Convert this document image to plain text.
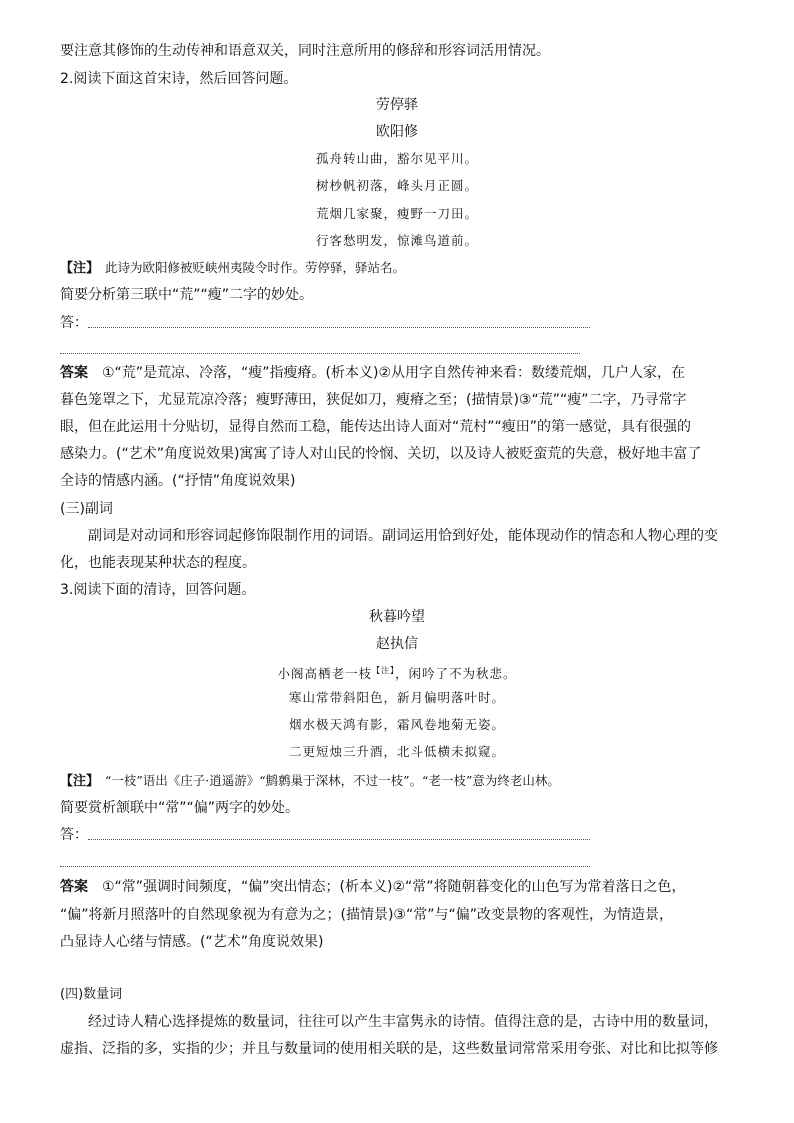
要注意其修饰的生动传神和语意双关，同时注意所用的修辞和形容词活用情况。
2.阅读下面这首宋诗，然后回答问题。
劳停驿
欧阳修
孤舟转山曲，豁尔见平川。
树杪帆初落，峰头月正圆。
荒烟几家聚，瘦野一刀田。
行客愁明发，惊滩鸟道前。
【注】 此诗为欧阳修被贬峡州夷陵令时作。劳停驿，驿站名。
简要分析第三联中“荒”“瘦”二字的妙处。
答：
答案 ①“荒”是荒凉、冷落，“瘦”指瘦瘠。(析本义)②从用字自然传神来看：数缕荒烟，几户人家，在
暮色笼罩之下，尤显荒凉冷落；瘦野薄田，狭促如刀，瘦瘠之至；(描情景)③“荒”“瘦”二字，乃寻常字
眼，但在此运用十分贴切，显得自然而工稳，能传达出诗人面对“荒村”“瘦田”的第一感觉，具有很强的
感染力。(“艺术”角度说效果)寓寓了诗人对山民的怜悯、关切，以及诗人被贬蛮荒的失意，极好地丰富了
全诗的情感内涵。(“抒情”角度说效果)
(三)副词
副词是对动词和形容词起修饰限制作用的词语。副词运用恰到好处，能体现动作的情态和人物心理的变
化，也能表现某种状态的程度。
3.阅读下面的清诗，回答问题。
秋暮吟望
赵执信
小阁高栖老一枝$^{【注】}$，闲吟了不为秋悲。
寒山常带斜阳色，新月偏明落叶时。
烟水极天鸿有影，霜风卷地菊无姿。
二更短烛三升酒，北斗低横未拟窥。
【注】 “一枝”语出《庄子·逍遥游》“鹪鹩巢于深林，不过一枝”。“老一枝”意为终老山林。
简要赏析颔联中“常”“偏”两字的妙处。
答：
答案 ①“常”强调时间频度，“偏”突出情态；(析本义)②“常”将随朝暮变化的山色写为常着落日之色，
“偏”将新月照落叶的自然现象视为有意为之；(描情景)③“常”与“偏”改变景物的客观性，为情造景，
凸显诗人心绪与情感。(“艺术”角度说效果)
(四)数量词
经过诗人精心选择提炼的数量词，往往可以产生丰富隽永的诗情。值得注意的是，古诗中用的数量词，
虚指、泛指的多，实指的少；并且与数量词的使用相关联的是，这些数量词常常采用夸张、对比和比拟等修
